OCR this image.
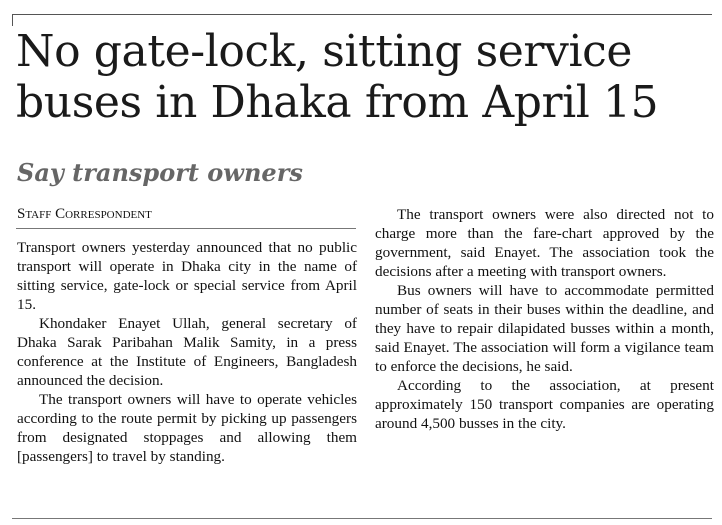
No gate-lock, sitting service buses in Dhaka from April 15
Say transport owners
Staff Correspondent

Transport owners yesterday announced that no public transport will operate in Dhaka city in the name of sitting service, gate-lock or special service from April 15.

Khondaker Enayet Ullah, general secretary of Dhaka Sarak Paribahan Malik Samity, in a press conference at the Institute of Engineers, Bangladesh announced the decision.

The transport owners will have to operate vehicles according to the route permit by picking up passengers from designated stoppages and allowing them [passengers] to travel by standing.

The transport owners were also directed not to charge more than the fare-chart approved by the government, said Enayet. The association took the decisions after a meeting with transport owners.

Bus owners will have to accommodate permitted number of seats in their buses within the deadline, and they have to repair dilapidated busses within a month, said Enayet. The association will form a vigilance team to enforce the decisions, he said.

According to the association, at present approximately 150 transport companies are operating around 4,500 busses in the city.
